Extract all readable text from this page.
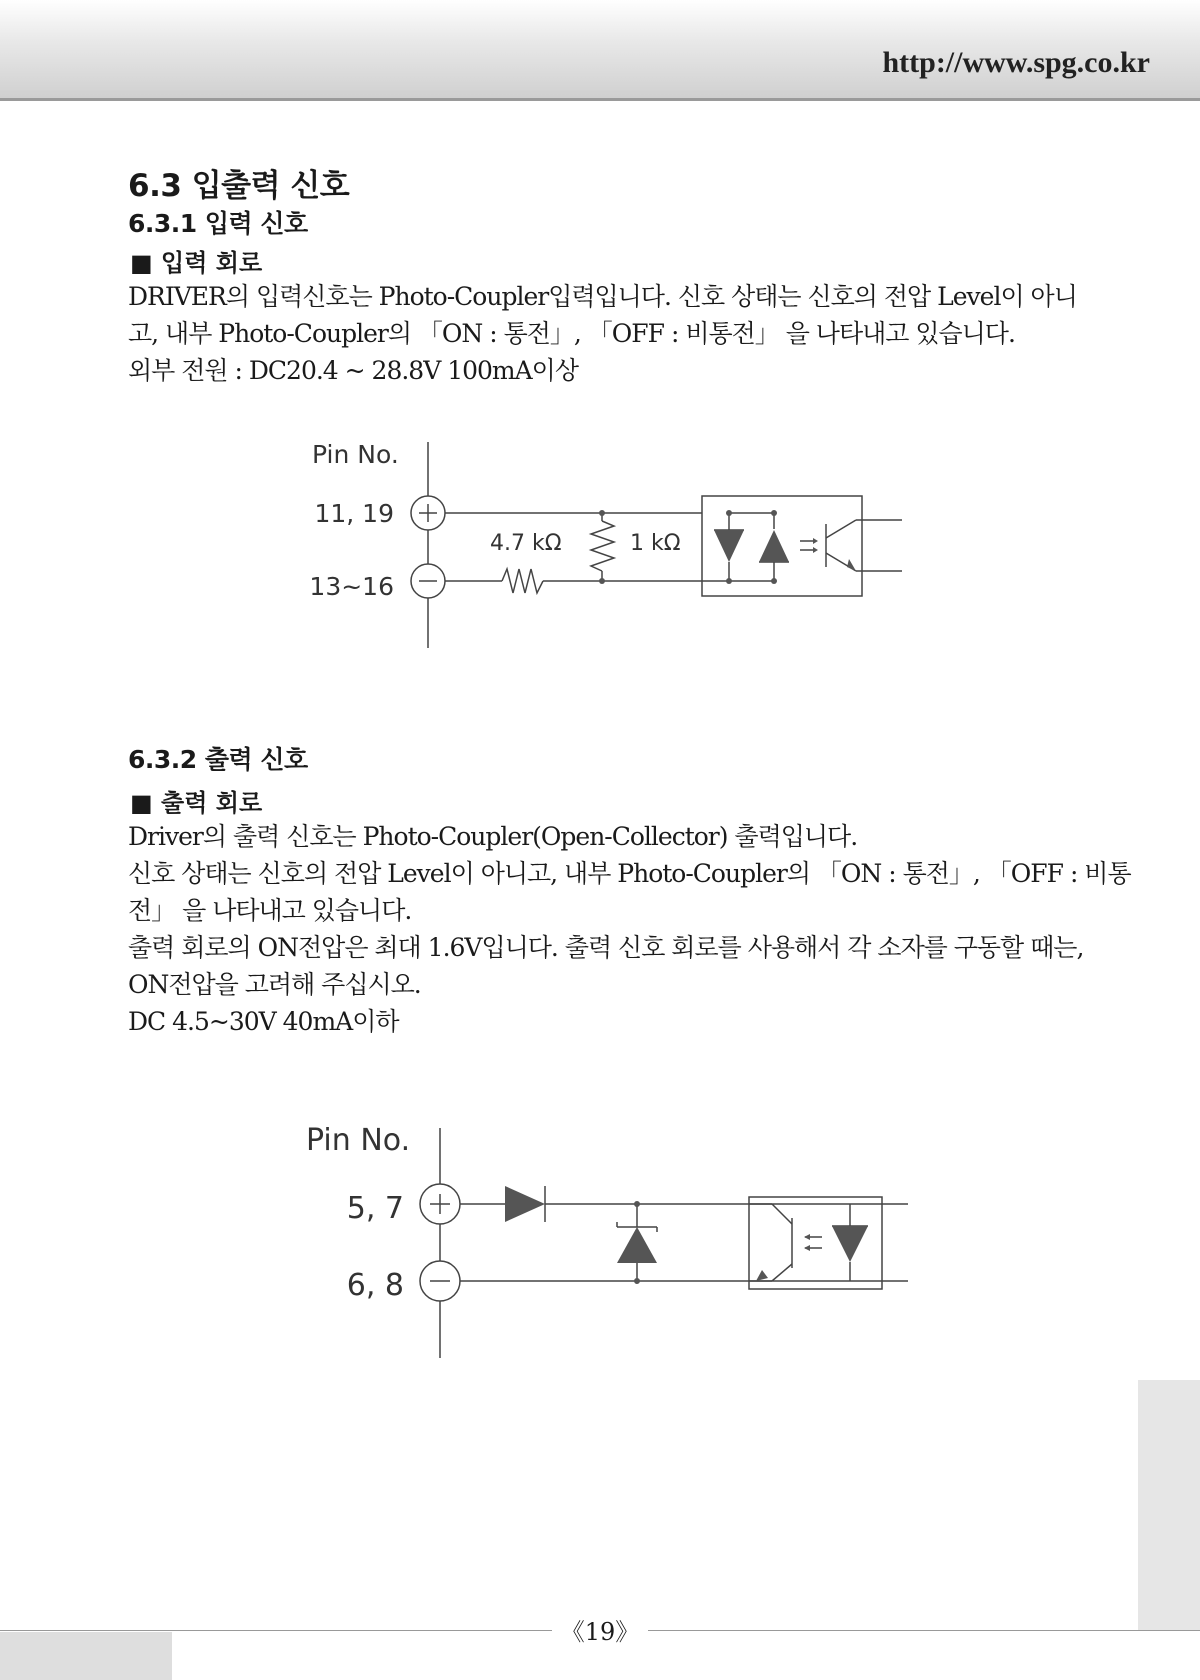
http://www.spg.co.kr
6.3 입출력 신호
6.3.1 입력 신호
■ 입력 회로
DRIVER의 입력신호는 Photo-Coupler입력입니다. 신호 상태는 신호의 전압 Level이 아니
고, 내부 Photo-Coupler의 「ON : 통전」, 「OFF : 비통전」 을 나타내고 있습니다.
외부 전원 : DC20.4 ~ 28.8V 100mA이상
Pin No.
11, 19
13~16
4.7 kΩ	1 kΩ
6.3.2 출력 신호
■ 출력 회로
Driver의 출력 신호는 Photo-Coupler(Open-Collector) 출력입니다.
신호 상태는 신호의 전압 Level이 아니고, 내부 Photo-Coupler의 「ON : 통전」, 「OFF : 비통
전」 을 나타내고 있습니다.
출력 회로의 ON전압은 최대 1.6V입니다. 출력 신호 회로를 사용해서 각 소자를 구동할 때는,
ON전압을 고려해 주십시오.
DC 4.5~30V 40mA이하
Pin No.
5, 7
6, 8
《19》
